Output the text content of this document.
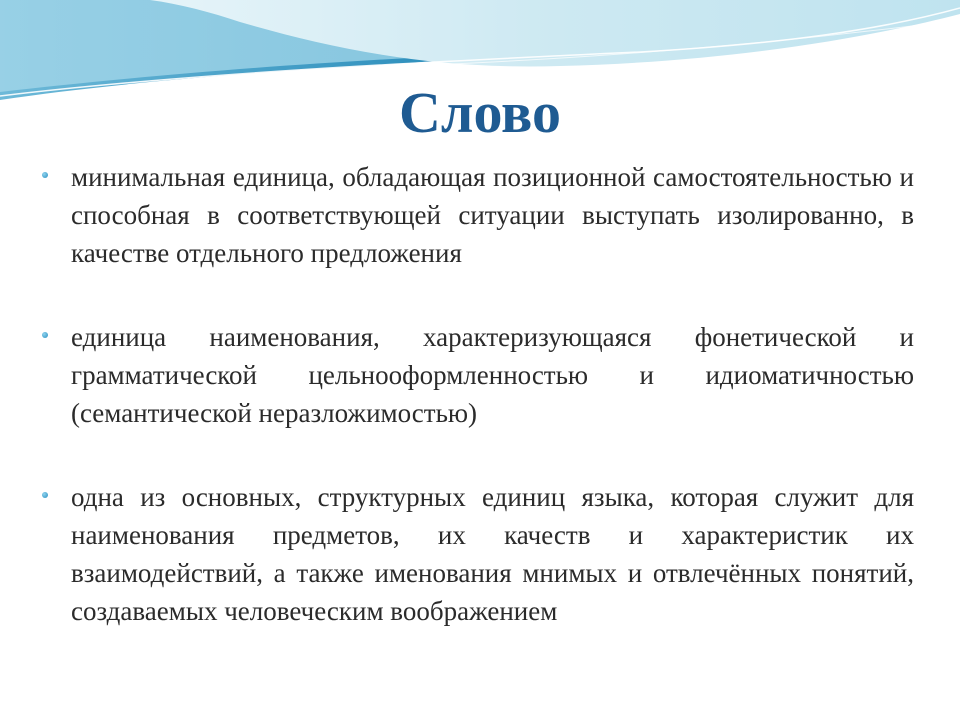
Слово
минимальная единица, обладающая позиционной самостоятельностью и способная в соответствующей ситуации выступать изолированно, в качестве отдельного предложения
единица наименования, характеризующаяся фонетической и грамматической цельнооформленностью и идиоматичностью (семантической неразложимостью)
одна из основных, структурных единиц языка, которая служит для наименования предметов, их качеств и характеристик их взаимодействий, а также именования мнимых и отвлечённых понятий, создаваемых человеческим воображением
